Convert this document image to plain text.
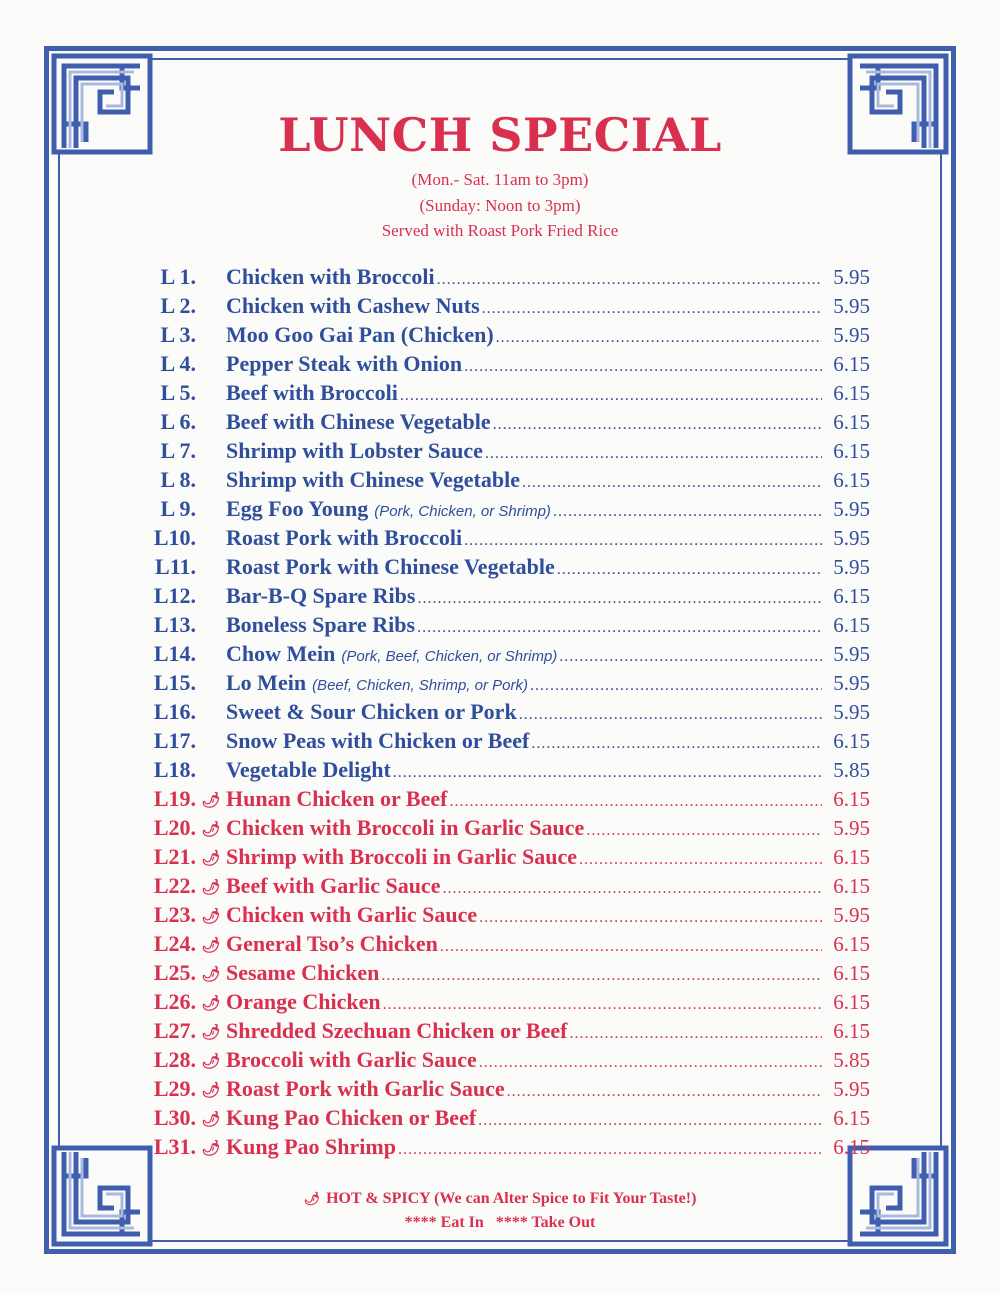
LUNCH SPECIAL
(Mon.- Sat. 11am to 3pm)
(Sunday: Noon to 3pm)
Served with Roast Pork Fried Rice
L 1. Chicken with Broccoli .....	5.95
L 2. Chicken with Cashew Nuts .....	5.95
L 3. Moo Goo Gai Pan (Chicken) .....	5.95
L 4. Pepper Steak with Onion .....	6.15
L 5. Beef with Broccoli .....	6.15
L 6. Beef with Chinese Vegetable .....	6.15
L 7. Shrimp with Lobster Sauce .....	6.15
L 8. Shrimp with Chinese Vegetable .....	6.15
L 9. Egg Foo Young (Pork, Chicken, or Shrimp) .....	5.95
L10. Roast Pork with Broccoli .....	5.95
L11. Roast Pork with Chinese Vegetable .....	5.95
L12. Bar-B-Q Spare Ribs .....	6.15
L13. Boneless Spare Ribs .....	6.15
L14. Chow Mein (Pork, Beef, Chicken, or Shrimp) .....	5.95
L15. Lo Mein (Beef, Chicken, Shrimp, or Pork) .....	5.95
L16. Sweet & Sour Chicken or Pork .....	5.95
L17. Snow Peas with Chicken or Beef .....	6.15
L18. Vegetable Delight .....	5.85
L19. 🌶 Hunan Chicken or Beef .....	6.15
L20. 🌶 Chicken with Broccoli in Garlic Sauce .....	5.95
L21. 🌶 Shrimp with Broccoli in Garlic Sauce .....	6.15
L22. 🌶 Beef with Garlic Sauce .....	6.15
L23. 🌶 Chicken with Garlic Sauce .....	5.95
L24. 🌶 General Tso’s Chicken .....	6.15
L25. 🌶 Sesame Chicken .....	6.15
L26. 🌶 Orange Chicken .....	6.15
L27. 🌶 Shredded Szechuan Chicken or Beef .....	6.15
L28. 🌶 Broccoli with Garlic Sauce .....	5.85
L29. 🌶 Roast Pork with Garlic Sauce .....	5.95
L30. 🌶 Kung Pao Chicken or Beef .....	6.15
L31. 🌶 Kung Pao Shrimp .....	6.15
🌶 HOT & SPICY (We can Alter Spice to Fit Your Taste!)
**** Eat In **** Take Out
